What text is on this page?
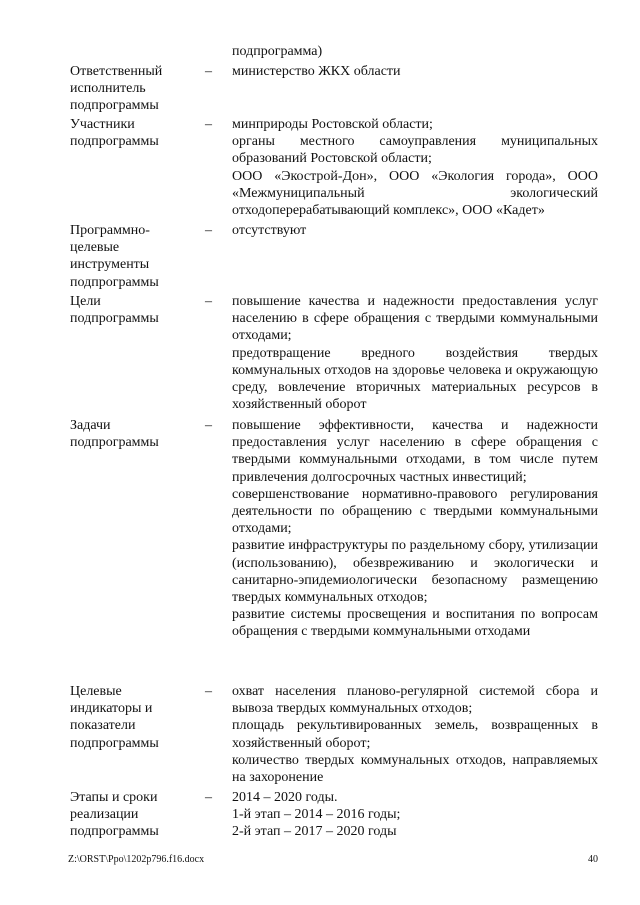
подпрограмма)
Ответственный
исполнитель
подпрограммы
– министерство ЖКХ области
Участники
подпрограммы
– минприроды Ростовской области;
органы местного самоуправления муниципальных образований Ростовской области;
ООО «Экострой-Дон», ООО «Экология города», ООО «Межмуниципальный экологический отходоперерабатывающий комплекс», ООО «Кадет»
Программно-
целевые
инструменты
подпрограммы
– отсутствуют
Цели
подпрограммы
– повышение качества и надежности предоставления услуг населению в сфере обращения с твердыми коммунальными отходами;
предотвращение вредного воздействия твердых коммунальных отходов на здоровье человека и окружающую среду, вовлечение вторичных материальных ресурсов в хозяйственный оборот
Задачи
подпрограммы
– повышение эффективности, качества и надежности предоставления услуг населению в сфере обращения с твердыми коммунальными отходами, в том числе путем привлечения долгосрочных частных инвестиций;
совершенствование нормативно-правового регулирования деятельности по обращению с твердыми коммунальными отходами;
развитие инфраструктуры по раздельному сбору, утилизации (использованию), обезвреживанию и экологически и санитарно-эпидемиологически безопасному размещению твердых коммунальных отходов;
развитие системы просвещения и воспитания по вопросам обращения с твердыми коммунальными отходами
Целевые
индикаторы и
показатели
подпрограммы
– охват населения планово-регулярной системой сбора и вывоза твердых коммунальных отходов;
площадь рекультивированных земель, возвращенных в хозяйственный оборот;
количество твердых коммунальных отходов, направляемых на захоронение
Этапы и сроки
реализации
подпрограммы
– 2014 – 2020 годы.
1-й этап – 2014 – 2016 годы;
2-й этап – 2017 – 2020 годы
Z:\ORST\Ppo\1202p796.f16.docx	40
